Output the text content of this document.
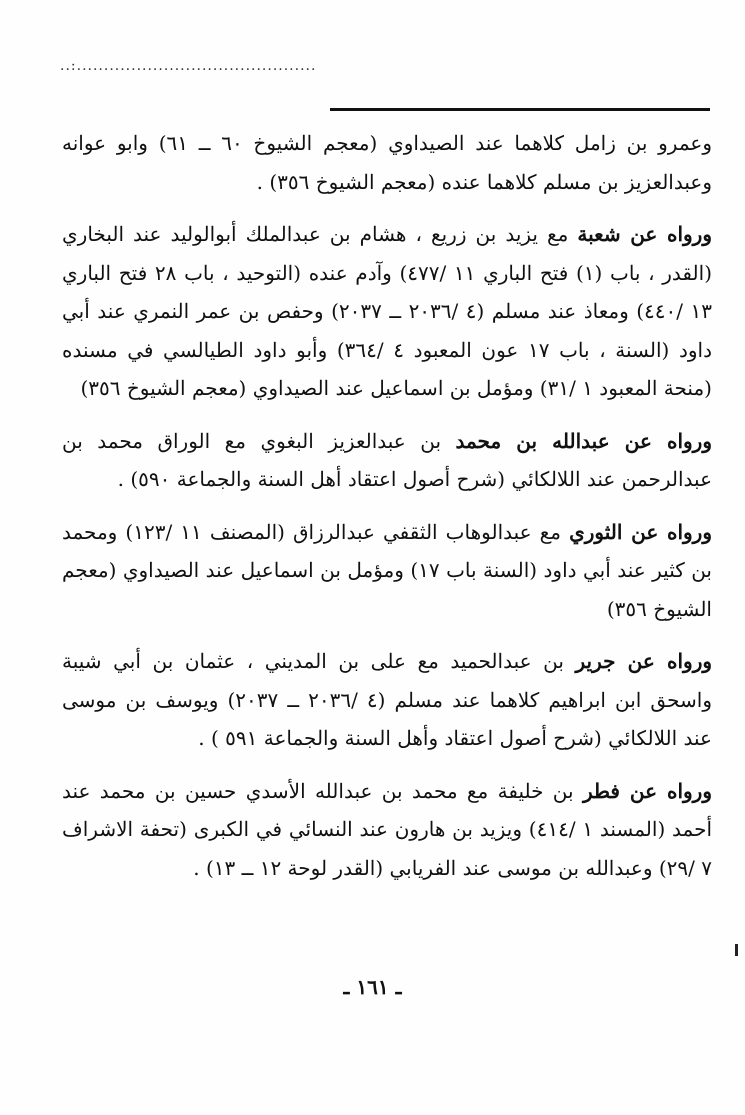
..:............................................

وعمرو بن زامل كلاهما عند الصيداوي (معجم الشيوخ ٦٠ ــ ٦١) وابو عوانه وعبدالعزيز بن مسلم كلاهما عنده (معجم الشيوخ ٣٥٦) .

ورواه عن شعبة مع يزيد بن زريع ، هشام بن عبدالملك أبوالوليد عند البخاري (القدر ، باب (١) فتح الباري ١١ /٤٧٧) وآدم عنده (التوحيد ، باب ٢٨ فتح الباري ١٣ /٤٤٠) ومعاذ عند مسلم (٤ /٢٠٣٦ ــ ٢٠٣٧) وحفص بن عمر النمري عند أبي داود (السنة ، باب ١٧ عون المعبود ٤ /٣٦٤) وأبو داود الطيالسي في مسنده (منحة المعبود ١ /٣١) ومؤمل بن اسماعيل عند الصيداوي (معجم الشيوخ ٣٥٦)

ورواه عن عبدالله بن محمد بن عبدالعزيز البغوي مع الوراق محمد بن عبدالرحمن عند اللالكائي (شرح أصول اعتقاد أهل السنة والجماعة ٥٩٠) .

ورواه عن الثوري مع عبدالوهاب الثقفي عبدالرزاق (المصنف ١١ /١٢٣) ومحمد بن كثير عند أبي داود (السنة باب ١٧) ومؤمل بن اسماعيل عند الصيداوي (معجم الشيوخ ٣٥٦)

ورواه عن جرير بن عبدالحميد مع على بن المديني ، عثمان بن أبي شيبة واسحق ابن ابراهيم كلاهما عند مسلم (٤ /٢٠٣٦ ــ ٢٠٣٧) ويوسف بن موسى عند اللالكائي (شرح أصول اعتقاد وأهل السنة والجماعة ٥٩١ ) .

ورواه عن فطر بن خليفة مع محمد بن عبدالله الأسدي حسين بن محمد عند أحمد (المسند ١ /٤١٤) ويزيد بن هارون عند النسائي في الكبرى (تحفة الاشراف ٧ /٢٩) وعبدالله بن موسى عند الفريابي (القدر لوحة ١٢ ــ ١٣) .

ـ ١٦١ ـ
